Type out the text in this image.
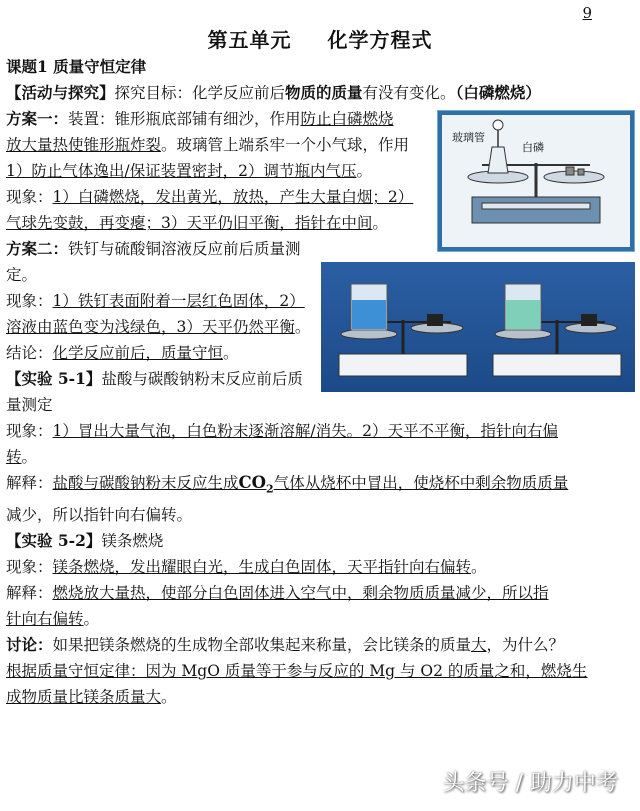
9
第五单元 化学方程式
课题1 质量守恒定律
【活动与探究】探究目标：化学反应前后物质的质量有没有变化。（白磷燃烧）
方案一：装置：锥形瓶底部铺有细沙，作用防止白磷燃烧
放大量热使锥形瓶炸裂。玻璃管上端系牢一个小气球，作用
1）防止气体逸出/保证装置密封，2）调节瓶内气压。
现象：1）白磷燃烧，发出黄光，放热，产生大量白烟；2）
气球先变鼓，再变瘪；3）天平仍旧平衡，指针在中间。
方案二：铁钉与硫酸铜溶液反应前后质量测
定。
现象：1）铁钉表面附着一层红色固体，2）
溶液由蓝色变为浅绿色，3）天平仍然平衡。
结论：化学反应前后，质量守恒。
【实验 5-1】盐酸与碳酸钠粉末反应前后质
量测定
现象：1）冒出大量气泡，白色粉末逐渐溶解/消失。2）天平不平衡，指针向右偏
转。
解释：盐酸与碳酸钠粉末反应生成$CO_2$气体从烧杯中冒出，使烧杯中剩余物质质量
减少，所以指针向右偏转。
【实验 5-2】镁条燃烧
现象：镁条燃烧，发出耀眼白光，生成白色固体，天平指针向右偏转。
解释：燃烧放大量热，使部分白色固体进入空气中，剩余物质质量减少，所以指
针向右偏转。
讨论：如果把镁条燃烧的生成物全部收集起来称量，会比镁条的质量大，为什么？
根据质量守恒定律：因为 MgO 质量等于参与反应的 Mg 与 O2 的质量之和，燃烧生
成物质量比镁条质量大。
玻璃管
白磷
头条号 / 助力中考
